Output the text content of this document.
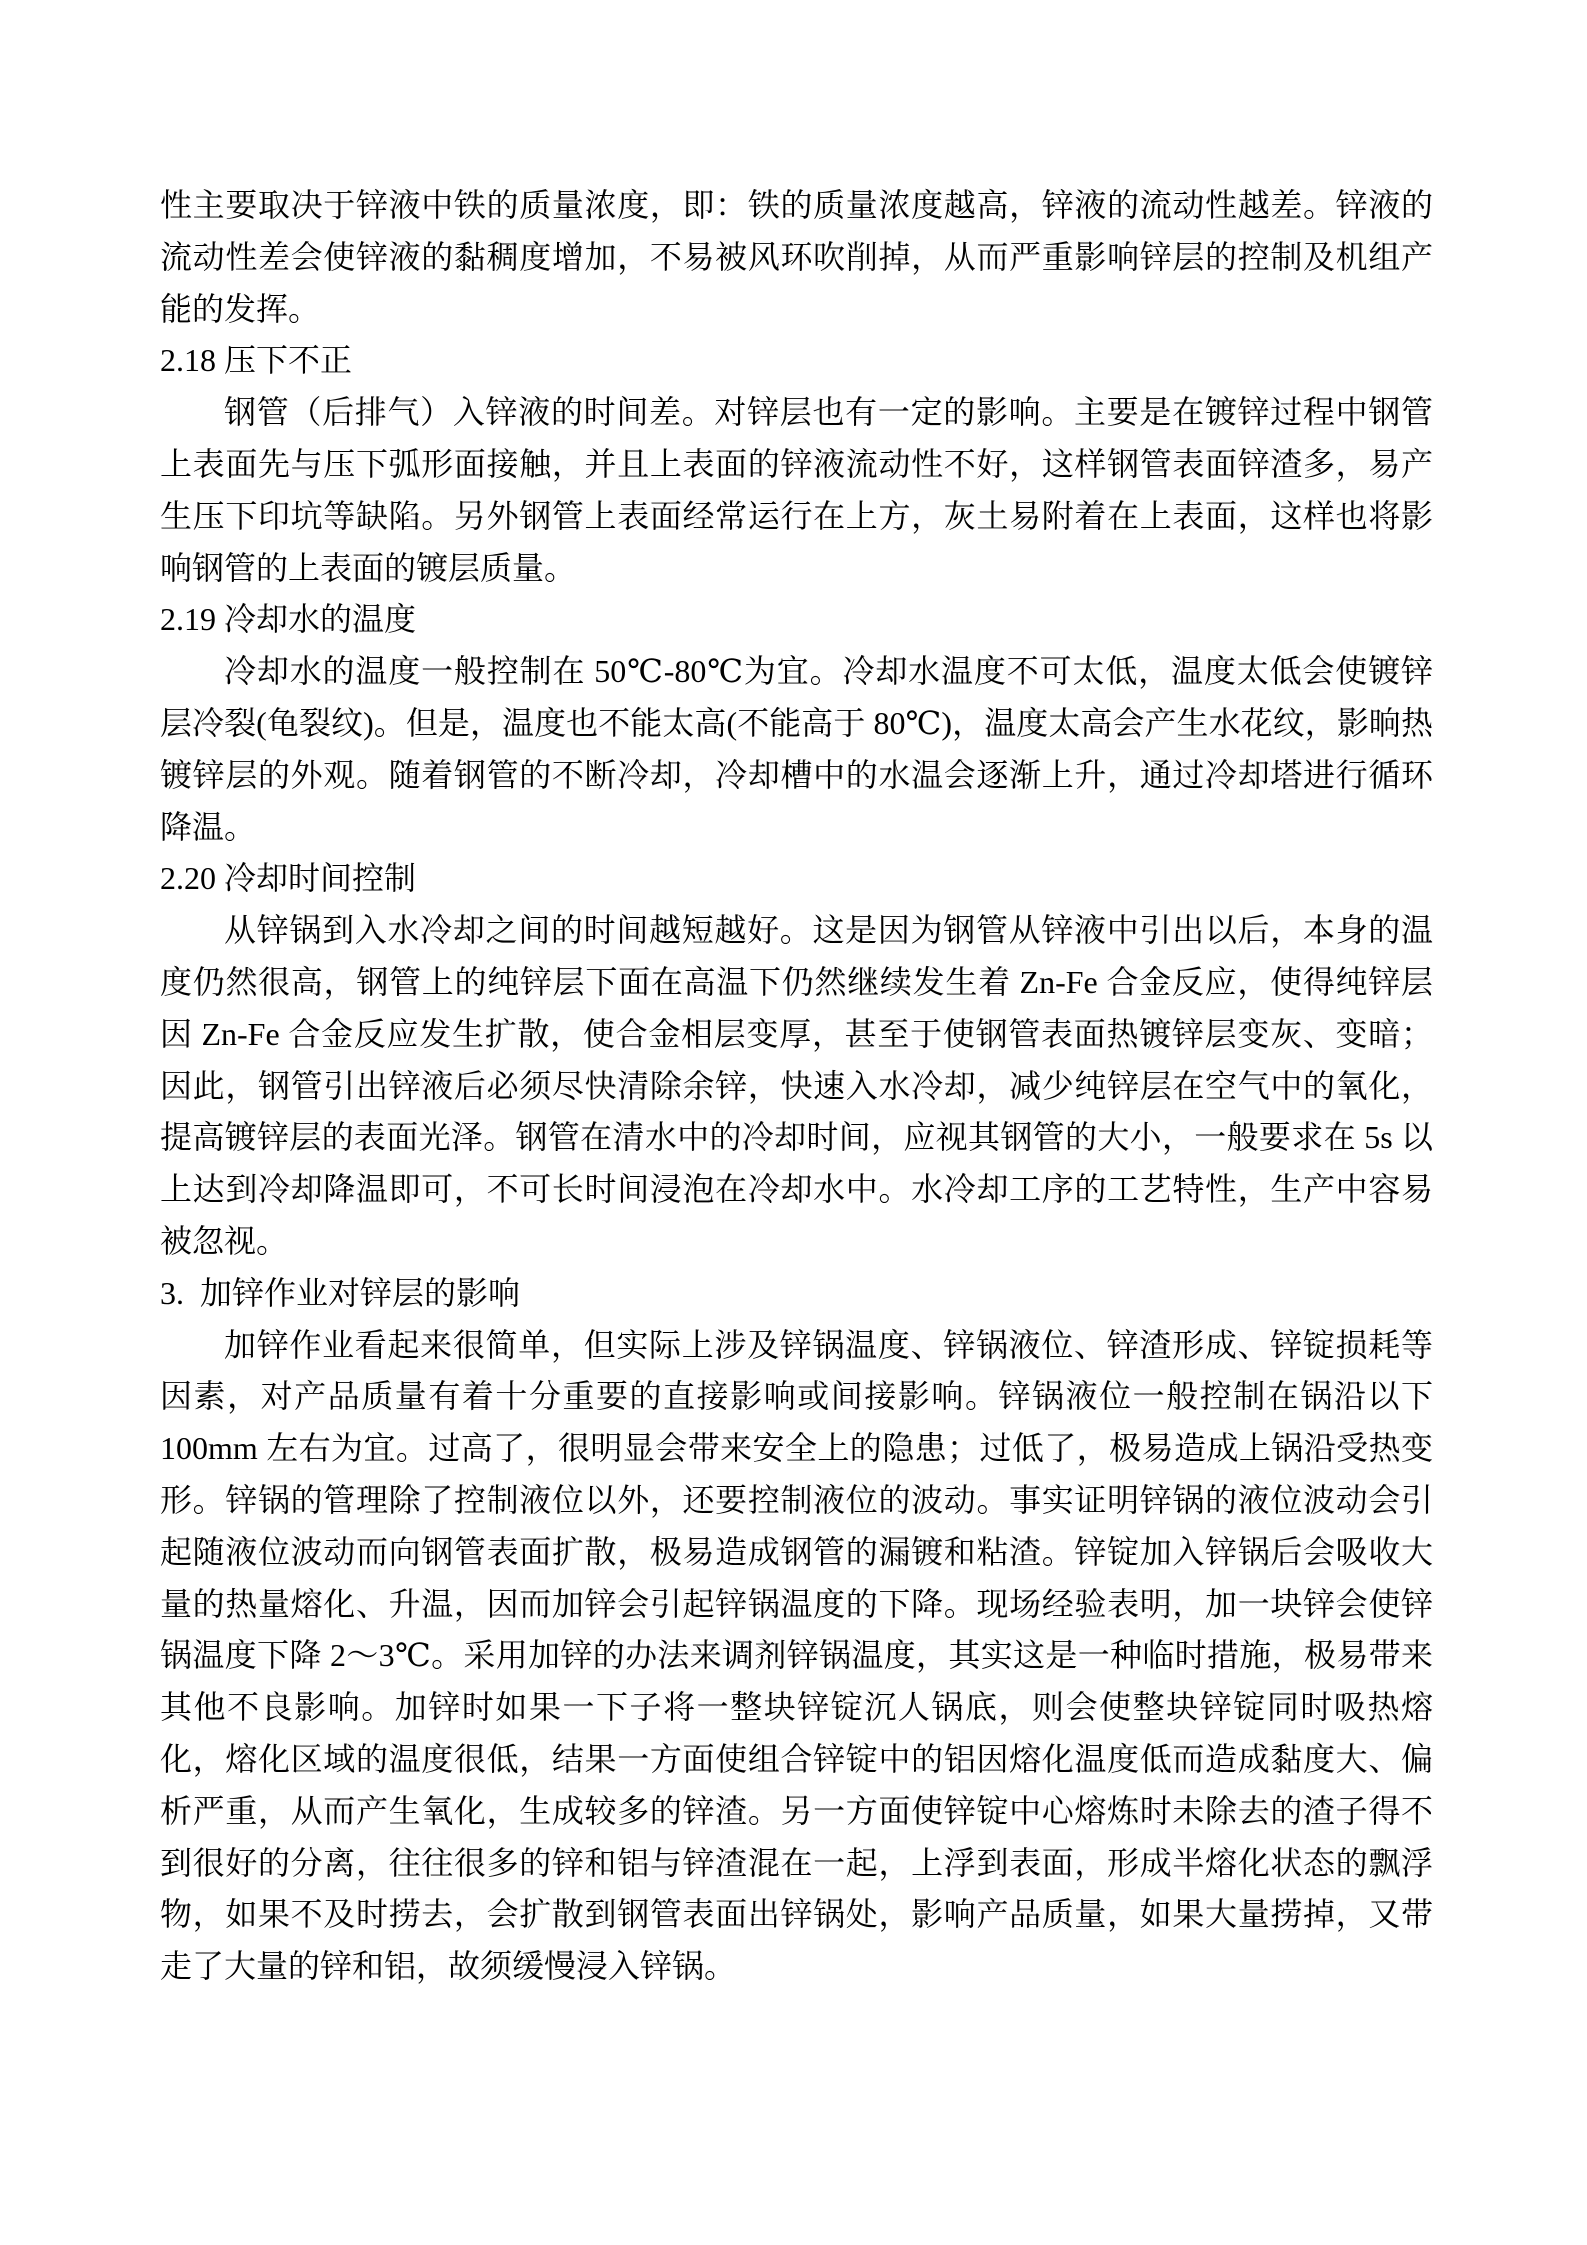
性主要取决于锌液中铁的质量浓度，即：铁的质量浓度越高，锌液的流动性越差。锌液的流动性差会使锌液的黏稠度增加，不易被风环吹削掉，从而严重影响锌层的控制及机组产能的发挥。

2.18 压下不正

钢管（后排气）入锌液的时间差。对锌层也有一定的影响。主要是在镀锌过程中钢管上表面先与压下弧形面接触，并且上表面的锌液流动性不好，这样钢管表面锌渣多，易产生压下印坑等缺陷。另外钢管上表面经常运行在上方，灰土易附着在上表面，这样也将影响钢管的上表面的镀层质量。

2.19 冷却水的温度

冷却水的温度一般控制在 50℃-80℃为宜。冷却水温度不可太低，温度太低会使镀锌层冷裂(龟裂纹)。但是，温度也不能太高(不能高于 80℃)，温度太高会产生水花纹，影晌热镀锌层的外观。随着钢管的不断冷却，冷却槽中的水温会逐渐上升，通过冷却塔进行循环降温。

2.20 冷却时间控制

从锌锅到入水冷却之间的时间越短越好。这是因为钢管从锌液中引出以后，本身的温度仍然很高，钢管上的纯锌层下面在高温下仍然继续发生着 Zn-Fe 合金反应，使得纯锌层因 Zn-Fe 合金反应发生扩散，使合金相层变厚，甚至于使钢管表面热镀锌层变灰、变暗；因此，钢管引出锌液后必须尽快清除余锌，快速入水冷却，减少纯锌层在空气中的氧化，提高镀锌层的表面光泽。钢管在清水中的冷却时间，应视其钢管的大小，一般要求在 5s 以上达到冷却降温即可，不可长时间浸泡在冷却水中。水冷却工序的工艺特性，生产中容易被忽视。

3.  加锌作业对锌层的影响

加锌作业看起来很简单，但实际上涉及锌锅温度、锌锅液位、锌渣形成、锌锭损耗等因素，对产品质量有着十分重要的直接影响或间接影响。锌锅液位一般控制在锅沿以下 100mm 左右为宜。过高了，很明显会带来安全上的隐患；过低了，极易造成上锅沿受热变形。锌锅的管理除了控制液位以外，还要控制液位的波动。事实证明锌锅的液位波动会引起随液位波动而向钢管表面扩散，极易造成钢管的漏镀和粘渣。锌锭加入锌锅后会吸收大量的热量熔化、升温，因而加锌会引起锌锅温度的下降。现场经验表明，加一块锌会使锌锅温度下降 2～3℃。采用加锌的办法来调剂锌锅温度，其实这是一种临时措施，极易带来其他不良影响。加锌时如果一下子将一整块锌锭沉人锅底，则会使整块锌锭同时吸热熔化，熔化区域的温度很低，结果一方面使组合锌锭中的铝因熔化温度低而造成黏度大、偏析严重，从而产生氧化，生成较多的锌渣。另一方面使锌锭中心熔炼时未除去的渣子得不到很好的分离，往往很多的锌和铝与锌渣混在一起，上浮到表面，形成半熔化状态的飘浮物，如果不及时捞去，会扩散到钢管表面出锌锅处，影响产品质量，如果大量捞掉，又带走了大量的锌和铝，故须缓慢浸入锌锅。
